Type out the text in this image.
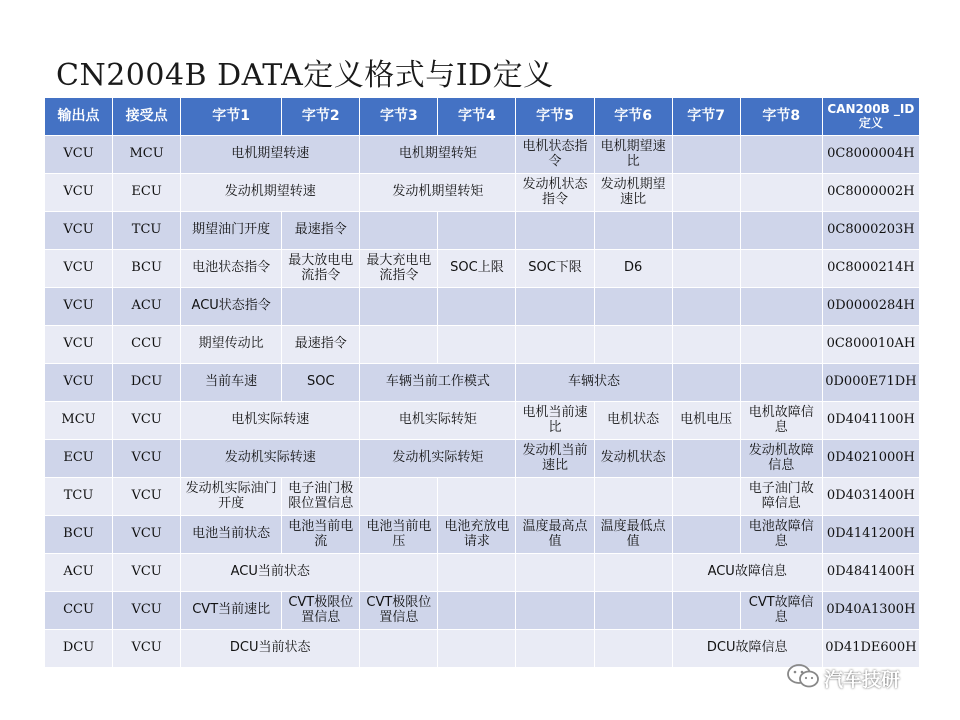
CN2004B DATA定义格式与ID定义
输出点	接受点	字节1	字节2	字节3	字节4	字节5	字节6	字节7	字节8	CAN200B _ID定义
VCU	MCU	电机期望转速		电机期望转矩		电机状态指令	电机期望速比			0C8000004H
VCU	ECU	发动机期望转速		发动机期望转矩		发动机状态指令	发动机期望速比			0C8000002H
VCU	TCU	期望油门开度	最速指令							0C8000203H
VCU	BCU	电池状态指令	最大放电电流指令	最大充电电流指令	SOC上限	SOC下限	D6			0C8000214H
VCU	ACU	ACU状态指令								0D0000284H
VCU	CCU	期望传动比	最速指令							0C800010AH
VCU	DCU	当前车速	SOC	车辆当前工作模式		车辆状态				0D000E71DH
MCU	VCU	电机实际转速		电机实际转矩		电机当前速比	电机状态	电机电压	电机故障信息	0D4041100H
ECU	VCU	发动机实际转速		发动机实际转矩		发动机当前速比	发动机状态		发动机故障信息	0D4021000H
TCU	VCU	发动机实际油门开度	电子油门极限位置信息						电子油门故障信息	0D4031400H
BCU	VCU	电池当前状态	电池当前电流	电池当前电压	电池充放电请求	温度最高点值	温度最低点值		电池故障信息	0D4141200H
ACU	VCU	ACU当前状态						ACU故障信息		0D4841400H
CCU	VCU	CVT当前速比	CVT极限位置信息	CVT极限位置信息					CVT故障信息	0D40A1300H
DCU	VCU	DCU当前状态						DCU故障信息		0D41DE600H
汽车技研
